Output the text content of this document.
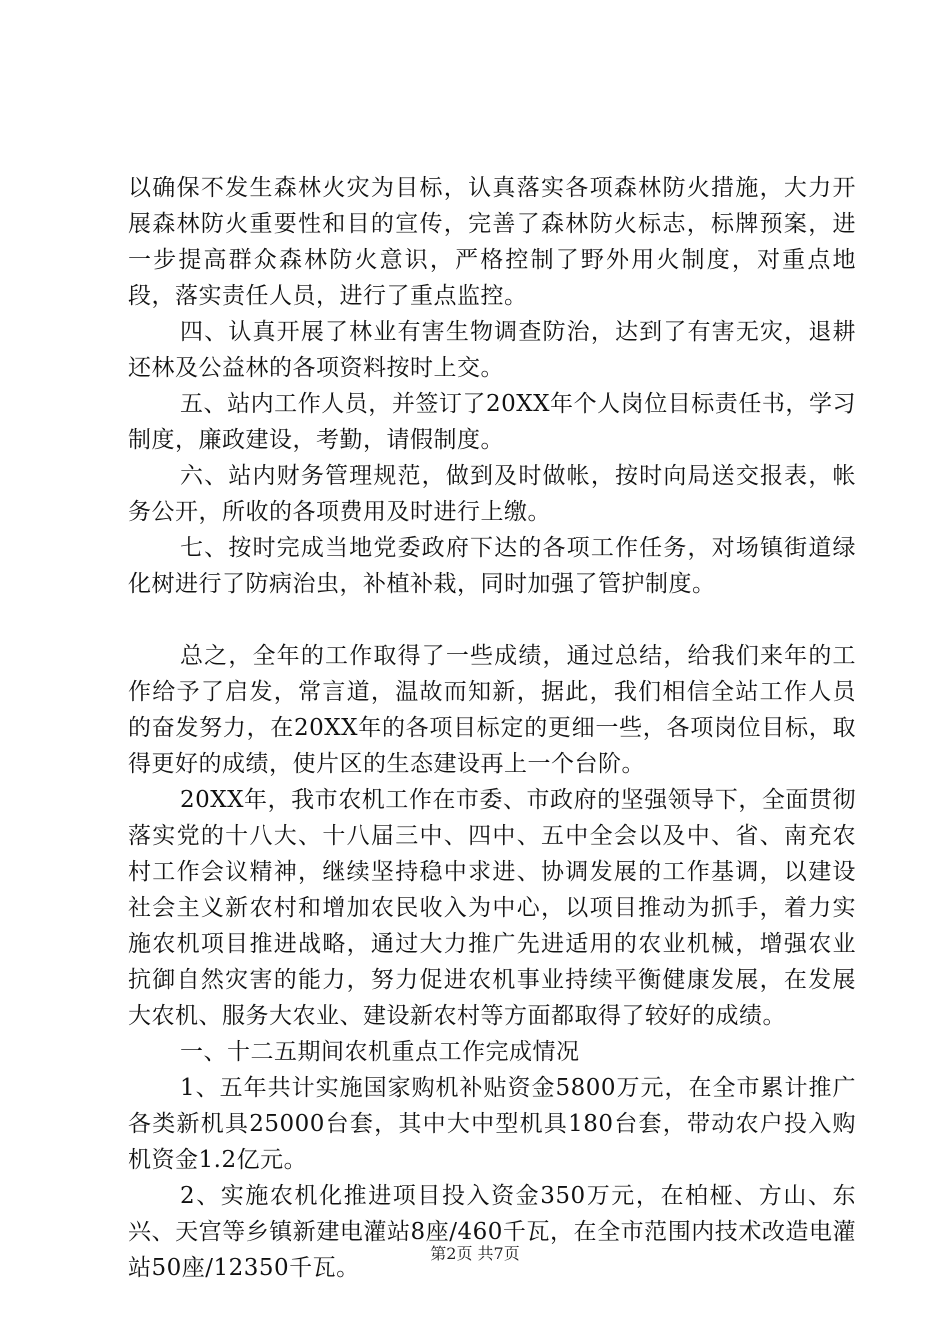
以确保不发生森林火灾为目标，认真落实各项森林防火措施，大力开展森林防火重要性和目的宣传，完善了森林防火标志，标牌预案，进一步提高群众森林防火意识，严格控制了野外用火制度，对重点地段，落实责任人员，进行了重点监控。

四、认真开展了林业有害生物调查防治，达到了有害无灾，退耕还林及公益林的各项资料按时上交。

五、站内工作人员，并签订了20XX年个人岗位目标责任书，学习制度，廉政建设，考勤，请假制度。

六、站内财务管理规范，做到及时做帐，按时向局送交报表，帐务公开，所收的各项费用及时进行上缴。

七、按时完成当地党委政府下达的各项工作任务，对场镇街道绿化树进行了防病治虫，补植补栽，同时加强了管护制度。

总之，全年的工作取得了一些成绩，通过总结，给我们来年的工作给予了启发，常言道，温故而知新，据此，我们相信全站工作人员的奋发努力，在20XX年的各项目标定的更细一些，各项岗位目标，取得更好的成绩，使片区的生态建设再上一个台阶。

20XX年，我市农机工作在市委、市政府的坚强领导下，全面贯彻落实党的十八大、十八届三中、四中、五中全会以及中、省、南充农村工作会议精神，继续坚持稳中求进、协调发展的工作基调，以建设社会主义新农村和增加农民收入为中心，以项目推动为抓手，着力实施农机项目推进战略，通过大力推广先进适用的农业机械，增强农业抗御自然灾害的能力，努力促进农机事业持续平衡健康发展，在发展大农机、服务大农业、建设新农村等方面都取得了较好的成绩。

一、十二五期间农机重点工作完成情况

1、五年共计实施国家购机补贴资金5800万元，在全市累计推广各类新机具25000台套，其中大中型机具180台套，带动农户投入购机资金1.2亿元。

2、实施农机化推进项目投入资金350万元，在柏桠、方山、东兴、天宫等乡镇新建电灌站8座/460千瓦，在全市范围内技术改造电灌站50座/12350千瓦。

第2页 共7页
